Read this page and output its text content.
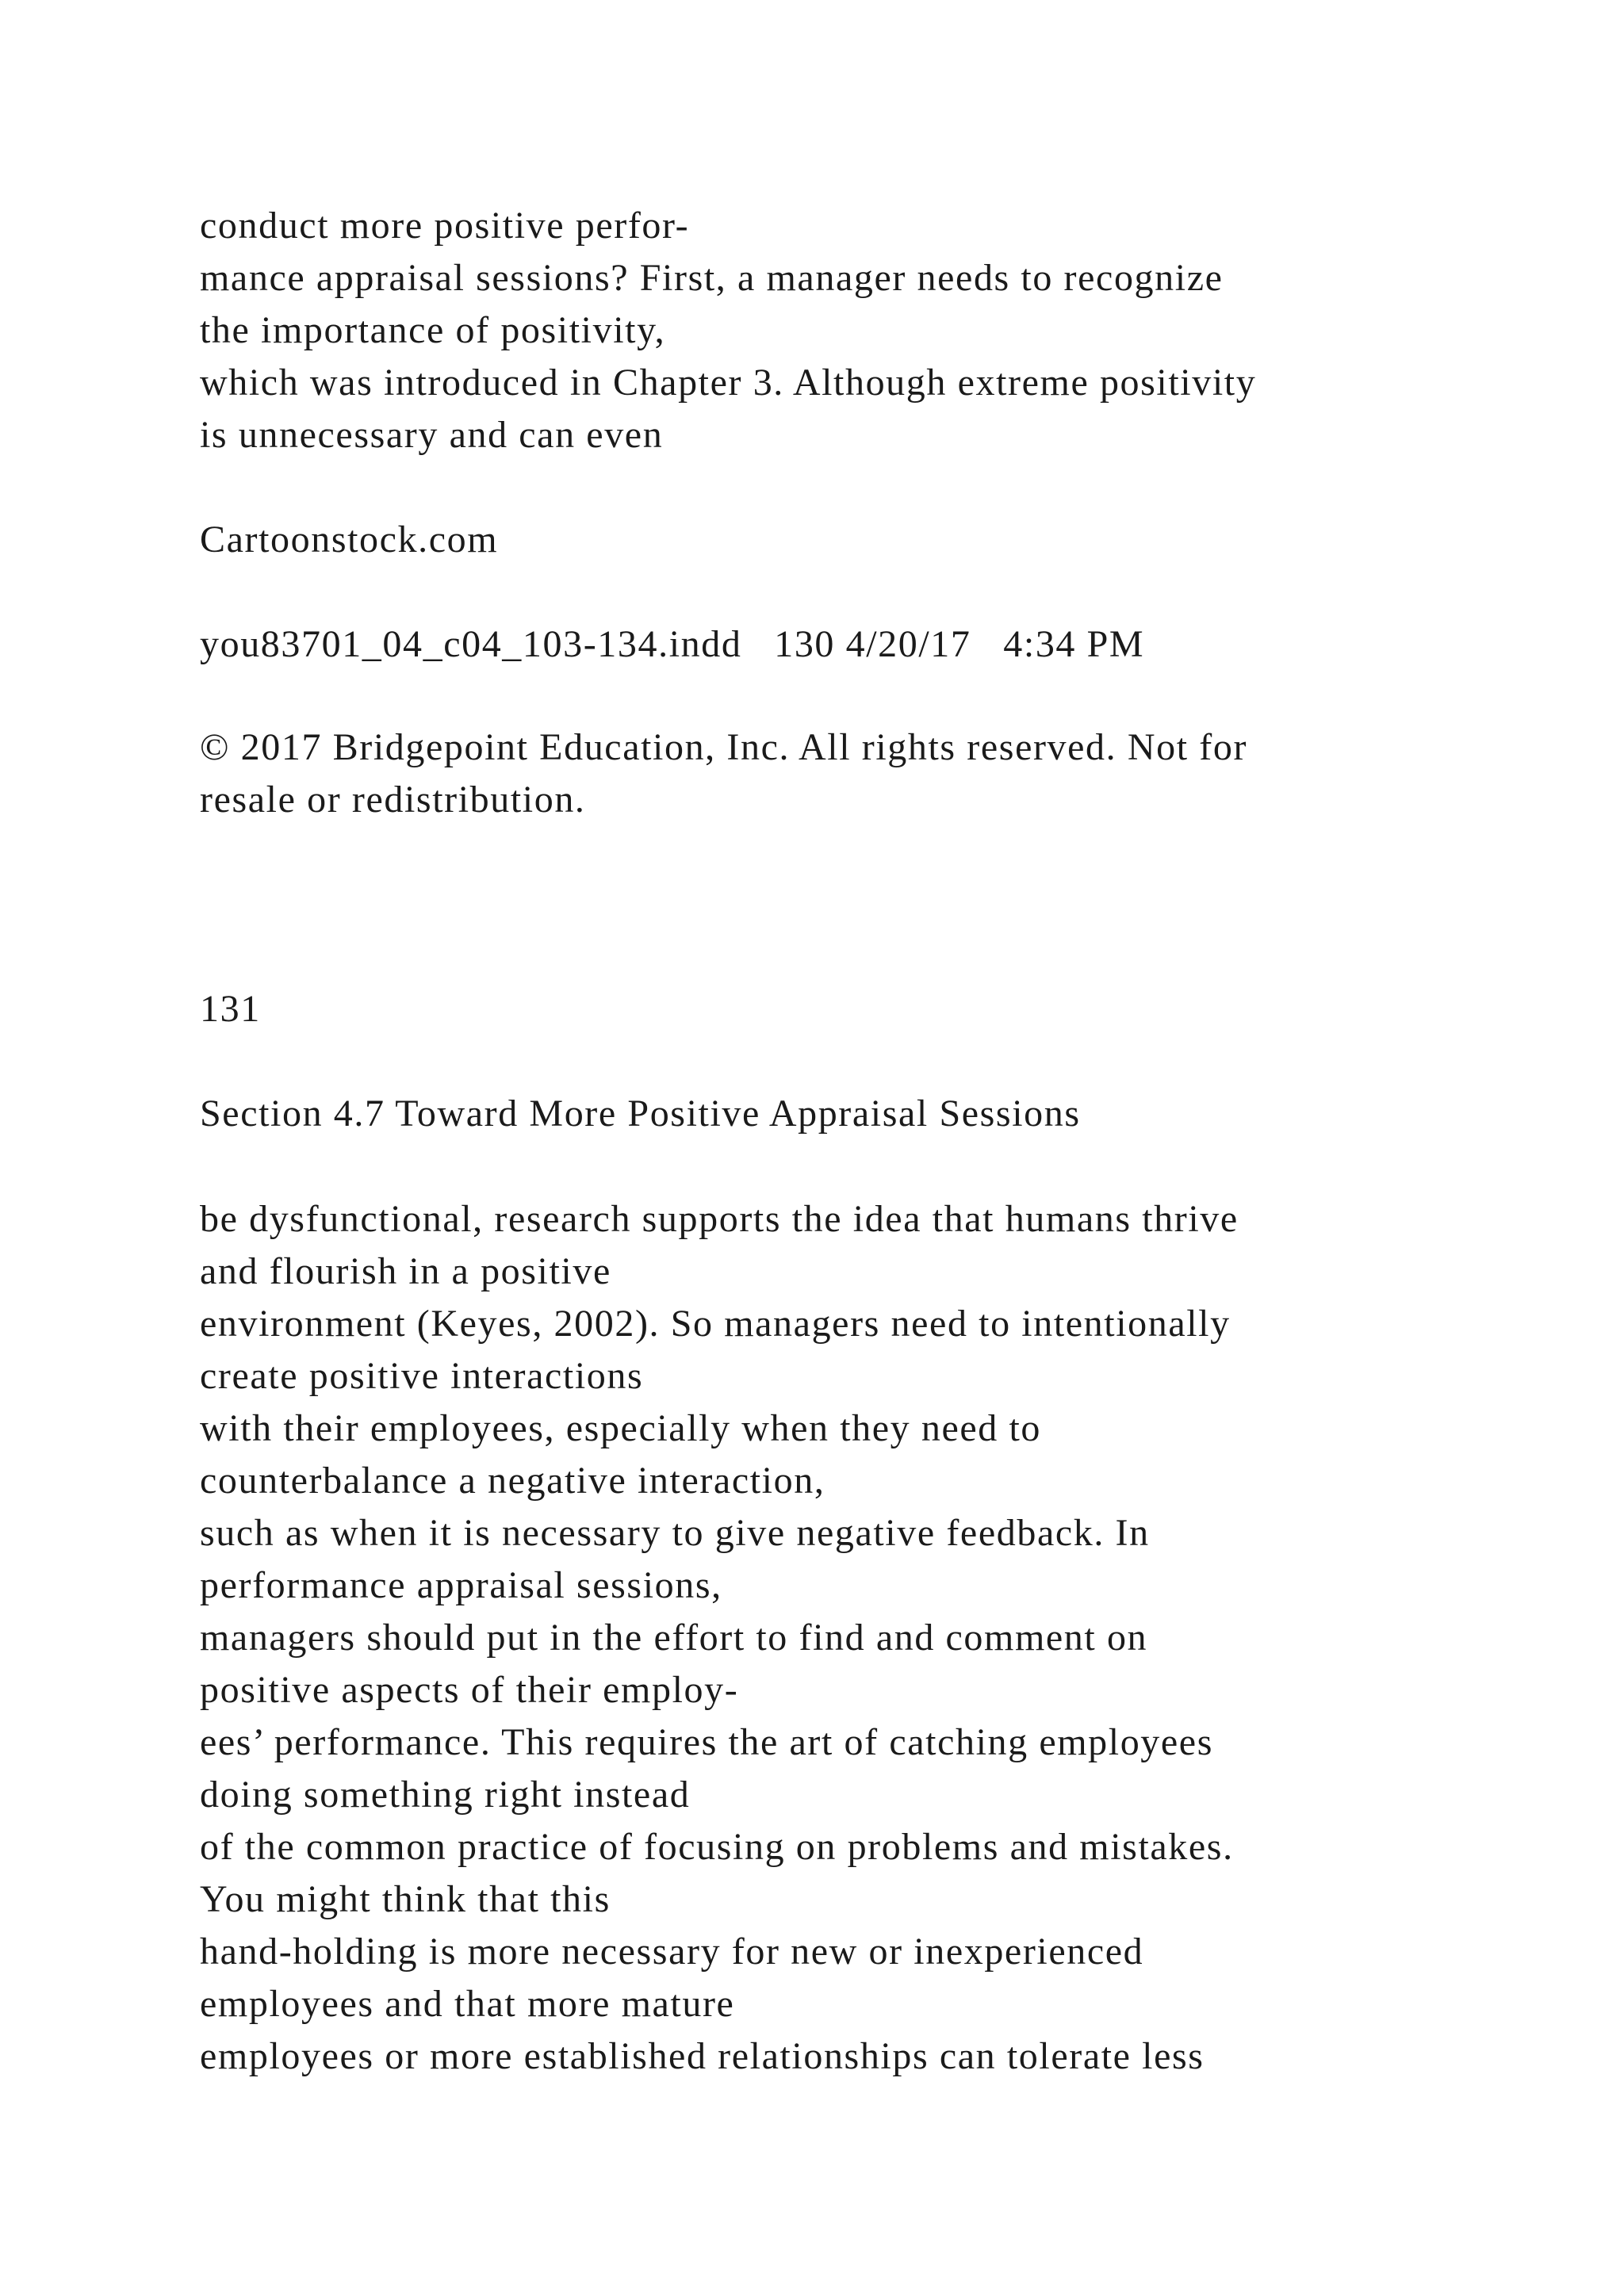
conduct more positive perfor-

mance appraisal sessions? First, a manager needs to recognize

the importance of positivity,

which was introduced in Chapter 3. Although extreme positivity

is unnecessary and can even

Cartoonstock.com

you83701_04_c04_103-134.indd   130 4/20/17   4:34 PM

© 2017 Bridgepoint Education, Inc. All rights reserved. Not for

resale or redistribution.

131

Section 4.7 Toward More Positive Appraisal Sessions

be dysfunctional, research supports the idea that humans thrive

and flourish in a positive

environment (Keyes, 2002). So managers need to intentionally

create positive interactions

with their employees, especially when they need to

counterbalance a negative interaction,

such as when it is necessary to give negative feedback. In

performance appraisal sessions,

managers should put in the effort to find and comment on

positive aspects of their employ-

ees’ performance. This requires the art of catching employees

doing something right instead

of the common practice of focusing on problems and mistakes.

You might think that this

hand-holding is more necessary for new or inexperienced

employees and that more mature

employees or more established relationships can tolerate less
